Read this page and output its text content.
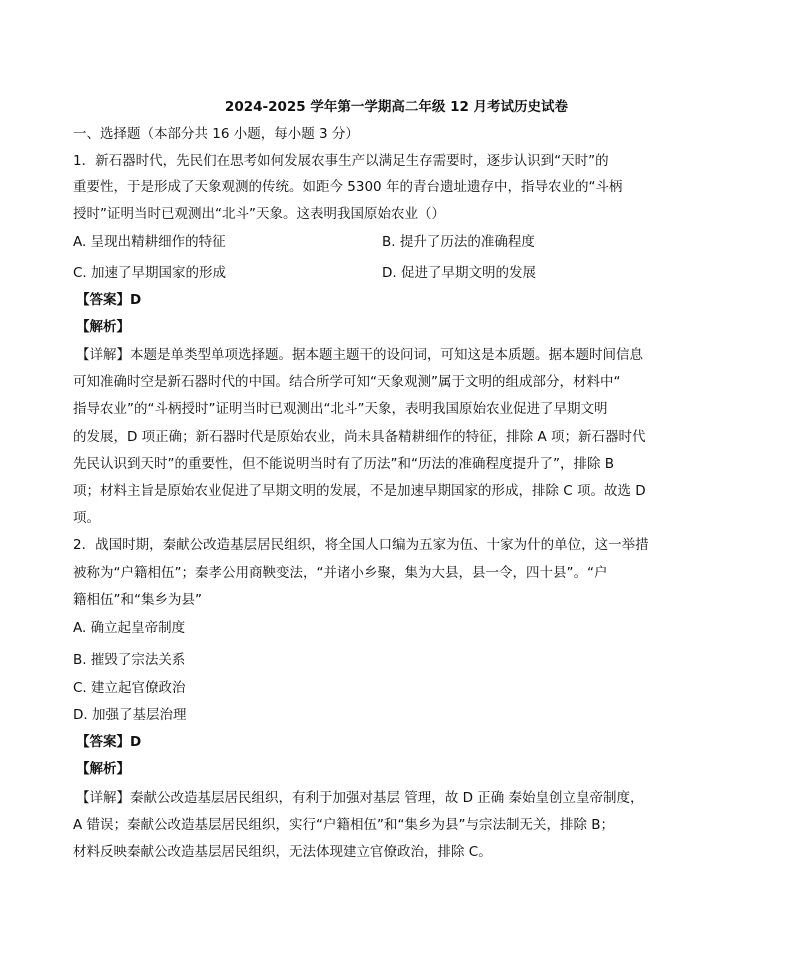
2024-2025 学年第一学期高二年级 12 月考试历史试卷
一、选择题（本部分共 16 小题，每小题 3 分）
1．新石器时代，先民们在思考如何发展农事生产以满足生存需要时，逐步认识到“天时”的
重要性，于是形成了天象观测的传统。如距今 5300 年的青台遗址遗存中，指导农业的“斗柄
授时”证明当时已观测出“北斗”天象。这表明我国原始农业（）
A. 呈现出精耕细作的特征	B. 提升了历法的准确程度
C. 加速了早期国家的形成	D. 促进了早期文明的发展
【答案】D
【解析】
【详解】本题是单类型单项选择题。据本题主题干的设问词，可知这是本质题。据本题时间信息
可知准确时空是新石器时代的中国。结合所学可知“天象观测”属于文明的组成部分，材料中“
指导农业”的“斗柄授时”证明当时已观测出“北斗”天象，表明我国原始农业促进了早期文明
的发展，D 项正确；新石器时代是原始农业，尚未具备精耕细作的特征，排除 A 项；新石器时代
先民认识到天时”的重要性，但不能说明当时有了历法”和“历法的准确程度提升了”，排除 B
项；材料主旨是原始农业促进了早期文明的发展，不是加速早期国家的形成，排除 C 项。故选 D
项。
2．战国时期，秦献公改造基层居民组织，将全国人口编为五家为伍、十家为什的单位，这一举措
被称为“户籍相伍”；秦孝公用商鞅变法，“并诸小乡聚，集为大县，县一令，四十县”。“户
籍相伍”和“集乡为县”
A. 确立起皇帝制度
B. 摧毁了宗法关系
C. 建立起官僚政治
D. 加强了基层治理
【答案】D
【解析】
【详解】秦献公改造基层居民组织，有利于加强对基层 管理，故 D 正确 秦始皇创立皇帝制度，
A 错误；秦献公改造基层居民组织，实行“户籍相伍”和“集乡为县”与宗法制无关，排除 B；
材料反映秦献公改造基层居民组织，无法体现建立官僚政治，排除 C。
